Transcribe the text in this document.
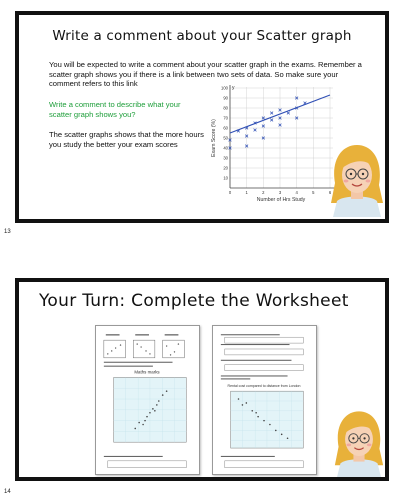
Write a comment about your Scatter graph
You will be expected to write a comment about your scatter graph in the exams. Remember a scatter graph shows you if there is a link between two sets of data. So make sure your comment refers to this link
Write a comment to describe what your scatter graph shows you?
The scatter graphs shows that the more hours you study the better your exam scores
y
10
20
30
40
50
60
70
80
90
100
0	1	2	3	4	5	6
Exam Score (%)
Number of Hrs Study
13
Your Turn: Complete the Worksheet
Maths marks
Rental cost compared to distance from London
14
